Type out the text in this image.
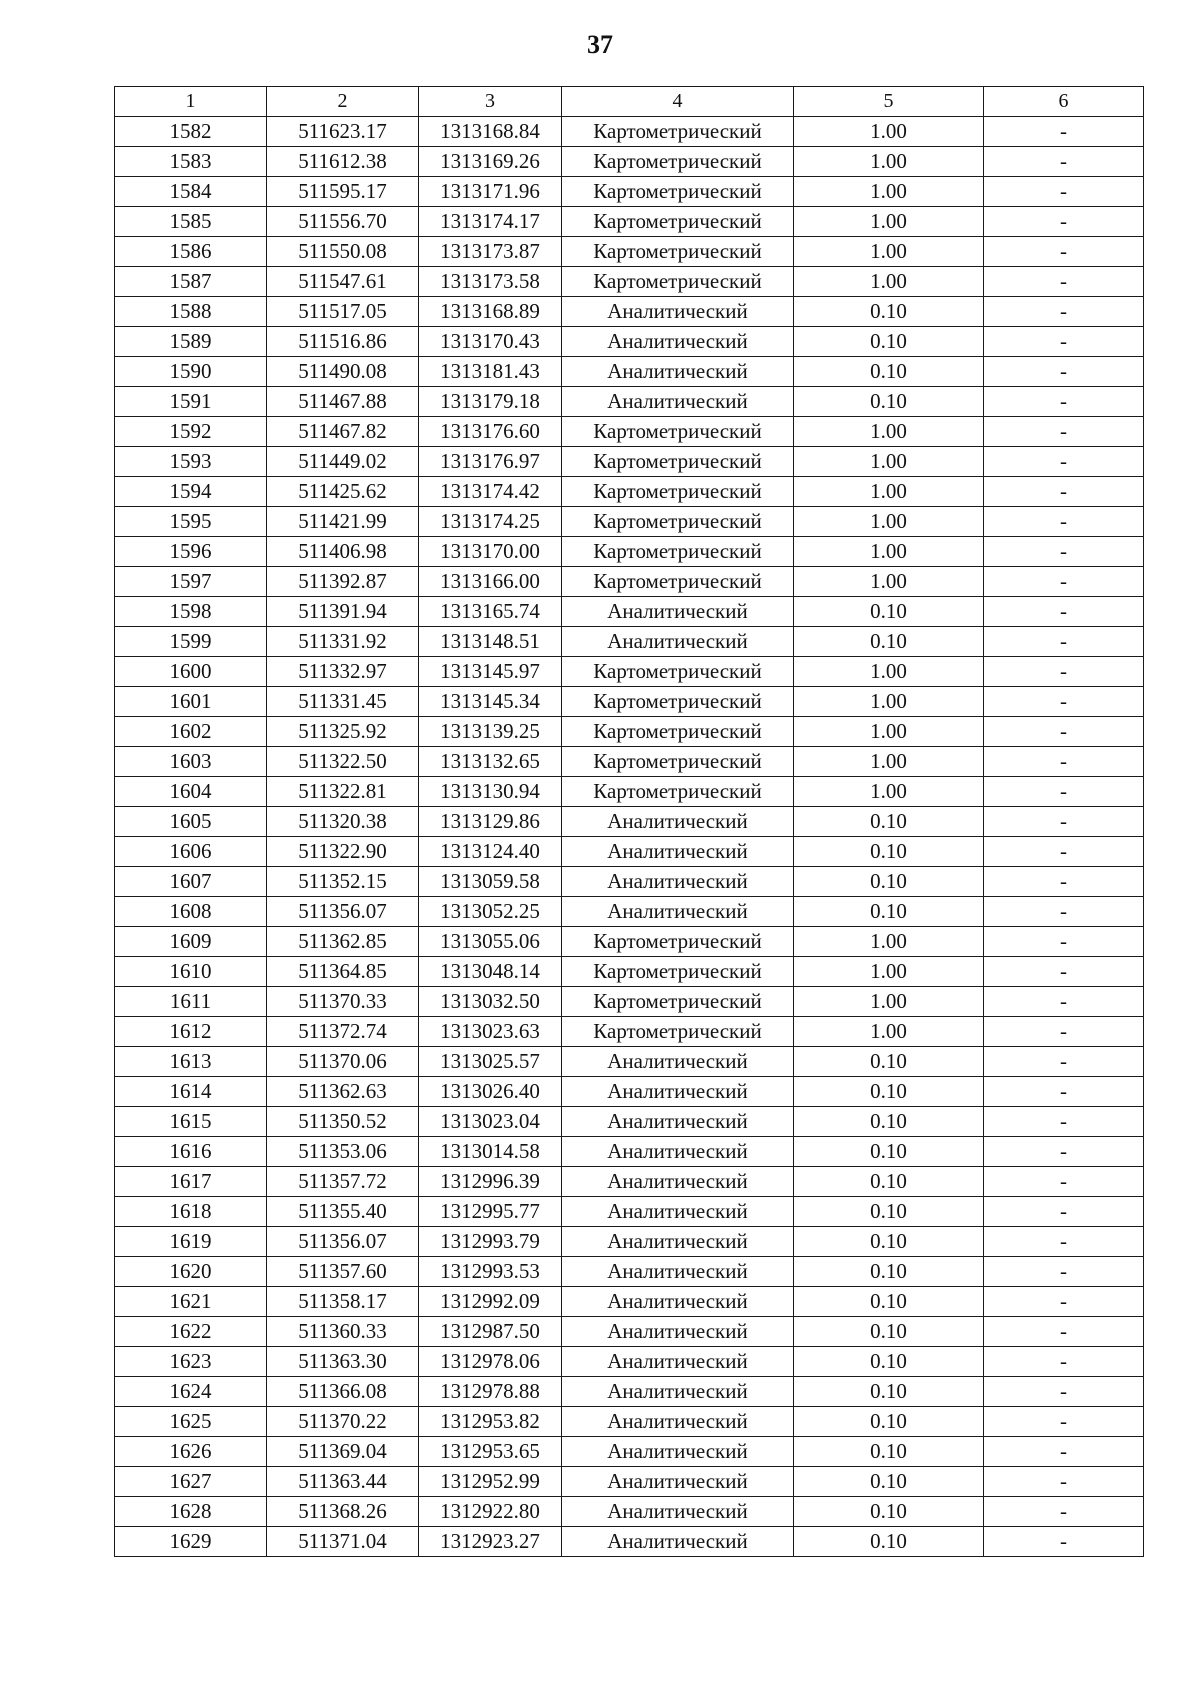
37
1	2	3	4	5	6
1582	511623.17	1313168.84	Картометрический	1.00	-
1583	511612.38	1313169.26	Картометрический	1.00	-
1584	511595.17	1313171.96	Картометрический	1.00	-
1585	511556.70	1313174.17	Картометрический	1.00	-
1586	511550.08	1313173.87	Картометрический	1.00	-
1587	511547.61	1313173.58	Картометрический	1.00	-
1588	511517.05	1313168.89	Аналитический	0.10	-
1589	511516.86	1313170.43	Аналитический	0.10	-
1590	511490.08	1313181.43	Аналитический	0.10	-
1591	511467.88	1313179.18	Аналитический	0.10	-
1592	511467.82	1313176.60	Картометрический	1.00	-
1593	511449.02	1313176.97	Картометрический	1.00	-
1594	511425.62	1313174.42	Картометрический	1.00	-
1595	511421.99	1313174.25	Картометрический	1.00	-
1596	511406.98	1313170.00	Картометрический	1.00	-
1597	511392.87	1313166.00	Картометрический	1.00	-
1598	511391.94	1313165.74	Аналитический	0.10	-
1599	511331.92	1313148.51	Аналитический	0.10	-
1600	511332.97	1313145.97	Картометрический	1.00	-
1601	511331.45	1313145.34	Картометрический	1.00	-
1602	511325.92	1313139.25	Картометрический	1.00	-
1603	511322.50	1313132.65	Картометрический	1.00	-
1604	511322.81	1313130.94	Картометрический	1.00	-
1605	511320.38	1313129.86	Аналитический	0.10	-
1606	511322.90	1313124.40	Аналитический	0.10	-
1607	511352.15	1313059.58	Аналитический	0.10	-
1608	511356.07	1313052.25	Аналитический	0.10	-
1609	511362.85	1313055.06	Картометрический	1.00	-
1610	511364.85	1313048.14	Картометрический	1.00	-
1611	511370.33	1313032.50	Картометрический	1.00	-
1612	511372.74	1313023.63	Картометрический	1.00	-
1613	511370.06	1313025.57	Аналитический	0.10	-
1614	511362.63	1313026.40	Аналитический	0.10	-
1615	511350.52	1313023.04	Аналитический	0.10	-
1616	511353.06	1313014.58	Аналитический	0.10	-
1617	511357.72	1312996.39	Аналитический	0.10	-
1618	511355.40	1312995.77	Аналитический	0.10	-
1619	511356.07	1312993.79	Аналитический	0.10	-
1620	511357.60	1312993.53	Аналитический	0.10	-
1621	511358.17	1312992.09	Аналитический	0.10	-
1622	511360.33	1312987.50	Аналитический	0.10	-
1623	511363.30	1312978.06	Аналитический	0.10	-
1624	511366.08	1312978.88	Аналитический	0.10	-
1625	511370.22	1312953.82	Аналитический	0.10	-
1626	511369.04	1312953.65	Аналитический	0.10	-
1627	511363.44	1312952.99	Аналитический	0.10	-
1628	511368.26	1312922.80	Аналитический	0.10	-
1629	511371.04	1312923.27	Аналитический	0.10	-
